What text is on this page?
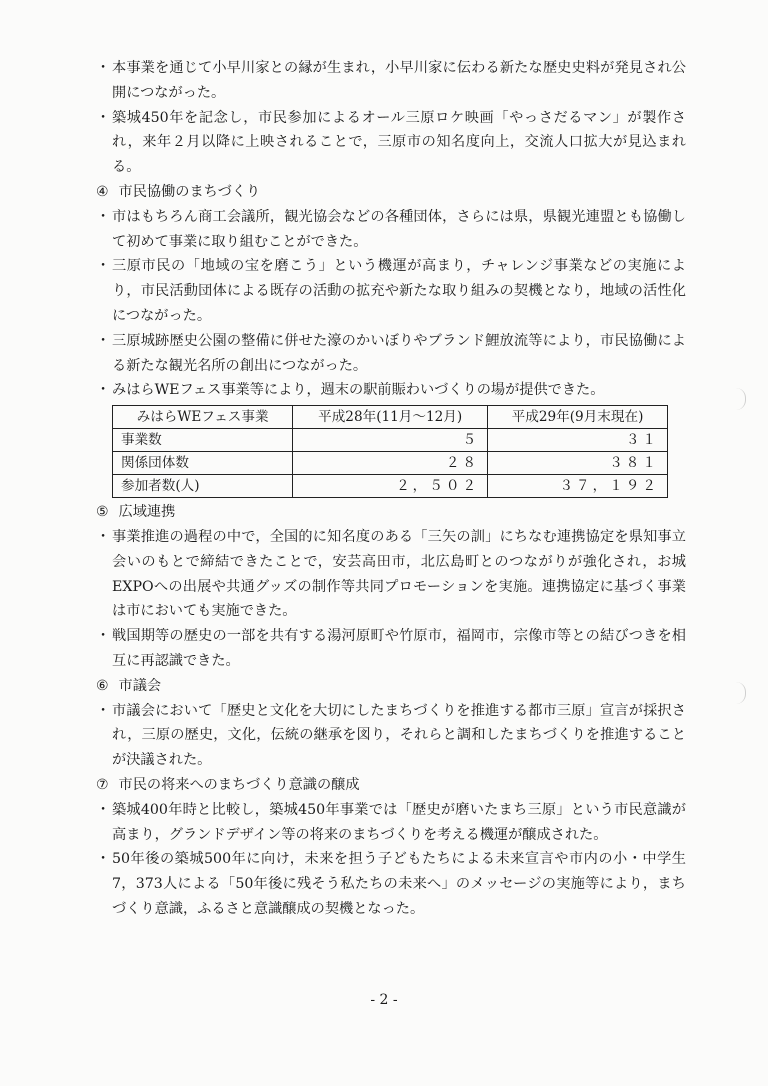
・ 本事業を通じて小早川家との縁が生まれ，小早川家に伝わる新たな歴史史料が発見され公開につながった。

・ 築城450年を記念し，市民参加によるオール三原ロケ映画「やっさだるマン」が製作され，来年２月以降に上映されることで，三原市の知名度向上，交流人口拡大が見込まれる。

④ 市民協働のまちづくり

・ 市はもちろん商工会議所，観光協会などの各種団体，さらには県，県観光連盟とも協働して初めて事業に取り組むことができた。

・ 三原市民の「地域の宝を磨こう」という機運が高まり，チャレンジ事業などの実施により，市民活動団体による既存の活動の拡充や新たな取り組みの契機となり，地域の活性化につながった。

・ 三原城跡歴史公園の整備に併せた濠のかいぼりやブランド鯉放流等により，市民協働による新たな観光名所の創出につながった。

・ みはらWEフェス事業等により，週末の駅前賑わいづくりの場が提供できた。

みはらWEフェス事業	平成28年(11月～12月)	平成29年(9月末現在)
事業数	５	３１
関係団体数	２８	３８１
参加者数(人)	２，５０２	３７，１９２

⑤ 広域連携

・ 事業推進の過程の中で，全国的に知名度のある「三矢の訓」にちなむ連携協定を県知事立会いのもとで締結できたことで，安芸高田市，北広島町とのつながりが強化され，お城EXPOへの出展や共通グッズの制作等共同プロモーションを実施。連携協定に基づく事業は市においても実施できた。

・ 戦国期等の歴史の一部を共有する湯河原町や竹原市，福岡市，宗像市等との結びつきを相互に再認識できた。

⑥ 市議会

・ 市議会において「歴史と文化を大切にしたまちづくりを推進する都市三原」宣言が採択され，三原の歴史，文化，伝統の継承を図り，それらと調和したまちづくりを推進することが決議された。

⑦ 市民の将来へのまちづくり意識の醸成

・ 築城400年時と比較し，築城450年事業では「歴史が磨いたまち三原」という市民意識が高まり，グランドデザイン等の将来のまちづくりを考える機運が醸成された。

・ 50年後の築城500年に向け，未来を担う子どもたちによる未来宣言や市内の小・中学生7，373人による「50年後に残そう私たちの未来へ」のメッセージの実施等により，まちづくり意識，ふるさと意識醸成の契機となった。

- 2 -
